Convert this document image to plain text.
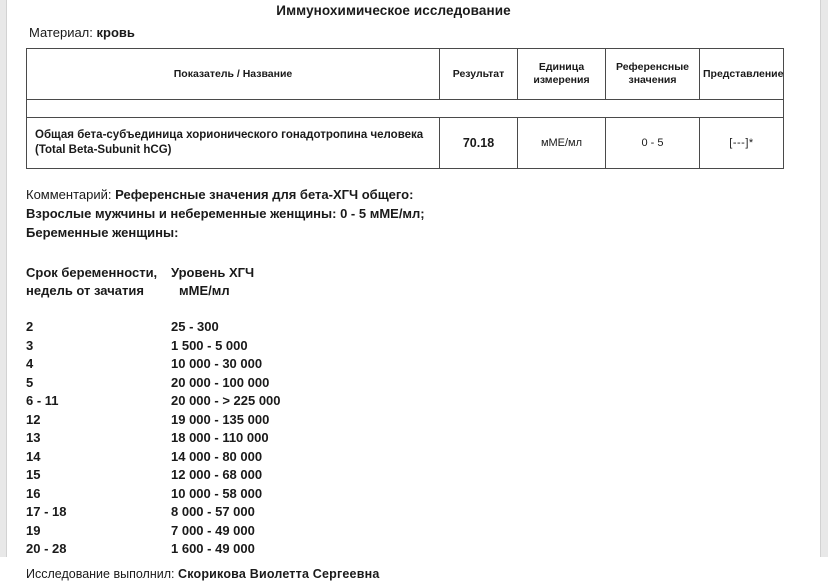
Иммунохимическое исследование
Материал: кровь
Показатель / Название	Результат	Единица измерения	Референсные значения	Представление

Общая бета-субъединица хорионического гонадотропина человека (Total Beta-Subunit hCG)	70.18	мМЕ/мл	0 - 5	[---]*
Комментарий: Референсные значения для бета-ХГЧ общего:
Взрослые мужчины и небеременные женщины: 0 - 5 мМЕ/мл;
Беременные женщины:
Срок беременности,	Уровень ХГЧ
недель от зачатия	мМЕ/мл
2	25 - 300
3	1 500 - 5 000
4	10 000 - 30 000
5	20 000 - 100 000
6 - 11	20 000 - > 225 000
12	19 000 - 135 000
13	18 000 - 110 000
14	14 000 - 80 000
15	12 000 - 68 000
16	10 000 - 58 000
17 - 18	8 000 - 57 000
19	7 000 - 49 000
20 - 28	1 600 - 49 000
Исследование выполнил: Скорикова Виолетта Сергеевна
